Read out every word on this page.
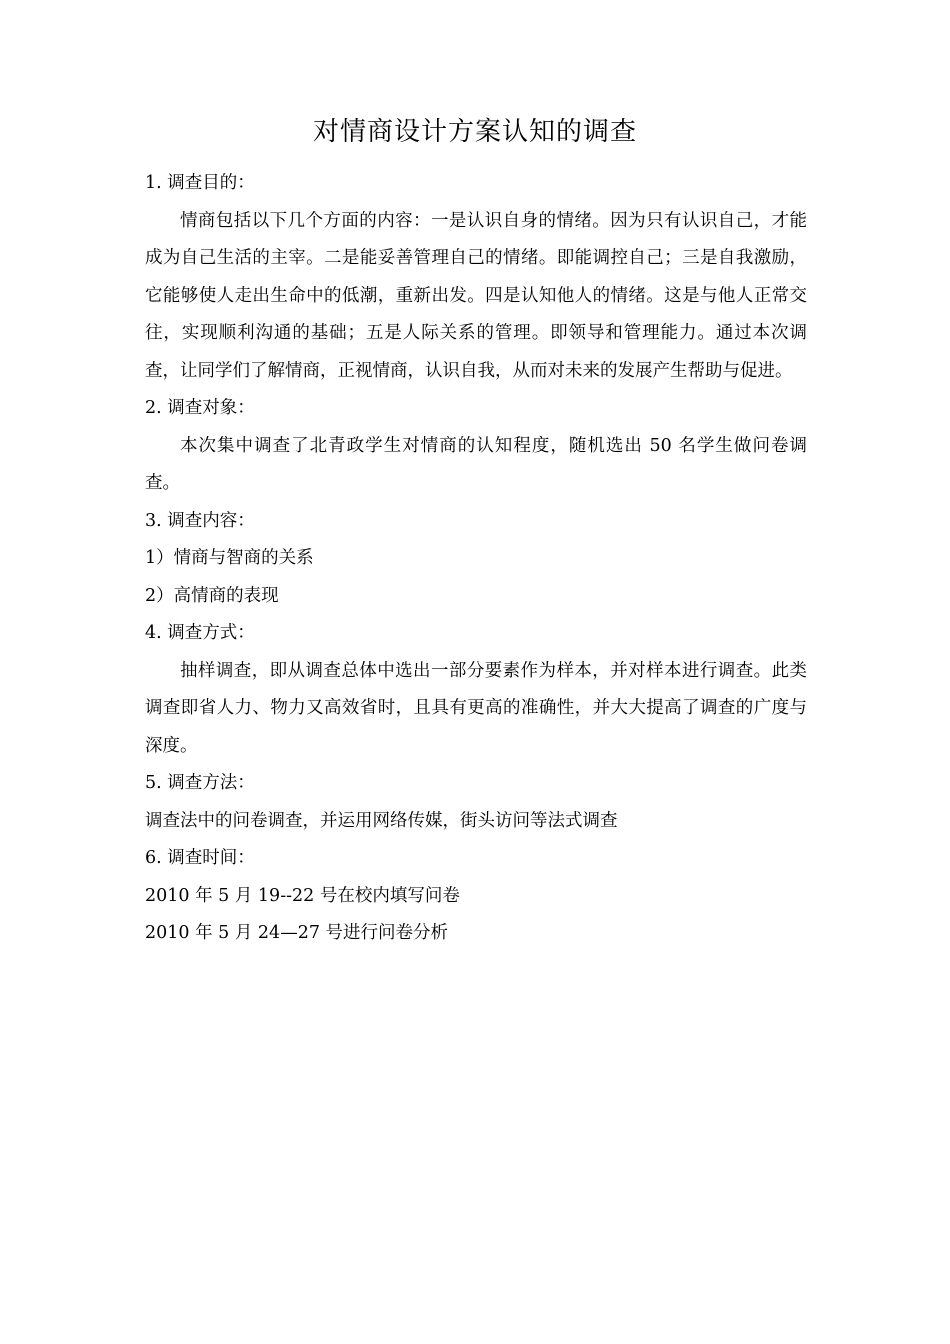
对情商设计方案认知的调查
1. 调查目的：

情商包括以下几个方面的内容：一是认识自身的情绪。因为只有认识自己，才能成为自己生活的主宰。二是能妥善管理自己的情绪。即能调控自己；三是自我激励，它能够使人走出生命中的低潮，重新出发。四是认知他人的情绪。这是与他人正常交往，实现顺利沟通的基础；五是人际关系的管理。即领导和管理能力。通过本次调查，让同学们了解情商，正视情商，认识自我，从而对未来的发展产生帮助与促进。

2. 调查对象：

本次集中调查了北青政学生对情商的认知程度，随机选出 50 名学生做问卷调查。

3. 调查内容：
1）情商与智商的关系
2）高情商的表现
4. 调查方式：

抽样调查，即从调查总体中选出一部分要素作为样本，并对样本进行调查。此类调查即省人力、物力又高效省时，且具有更高的准确性，并大大提高了调查的广度与深度。

5. 调查方法：
调查法中的问卷调查，并运用网络传媒，街头访问等法式调查
6. 调查时间：
2010 年 5 月 19--22 号在校内填写问卷
2010 年 5 月 24—27 号进行问卷分析
